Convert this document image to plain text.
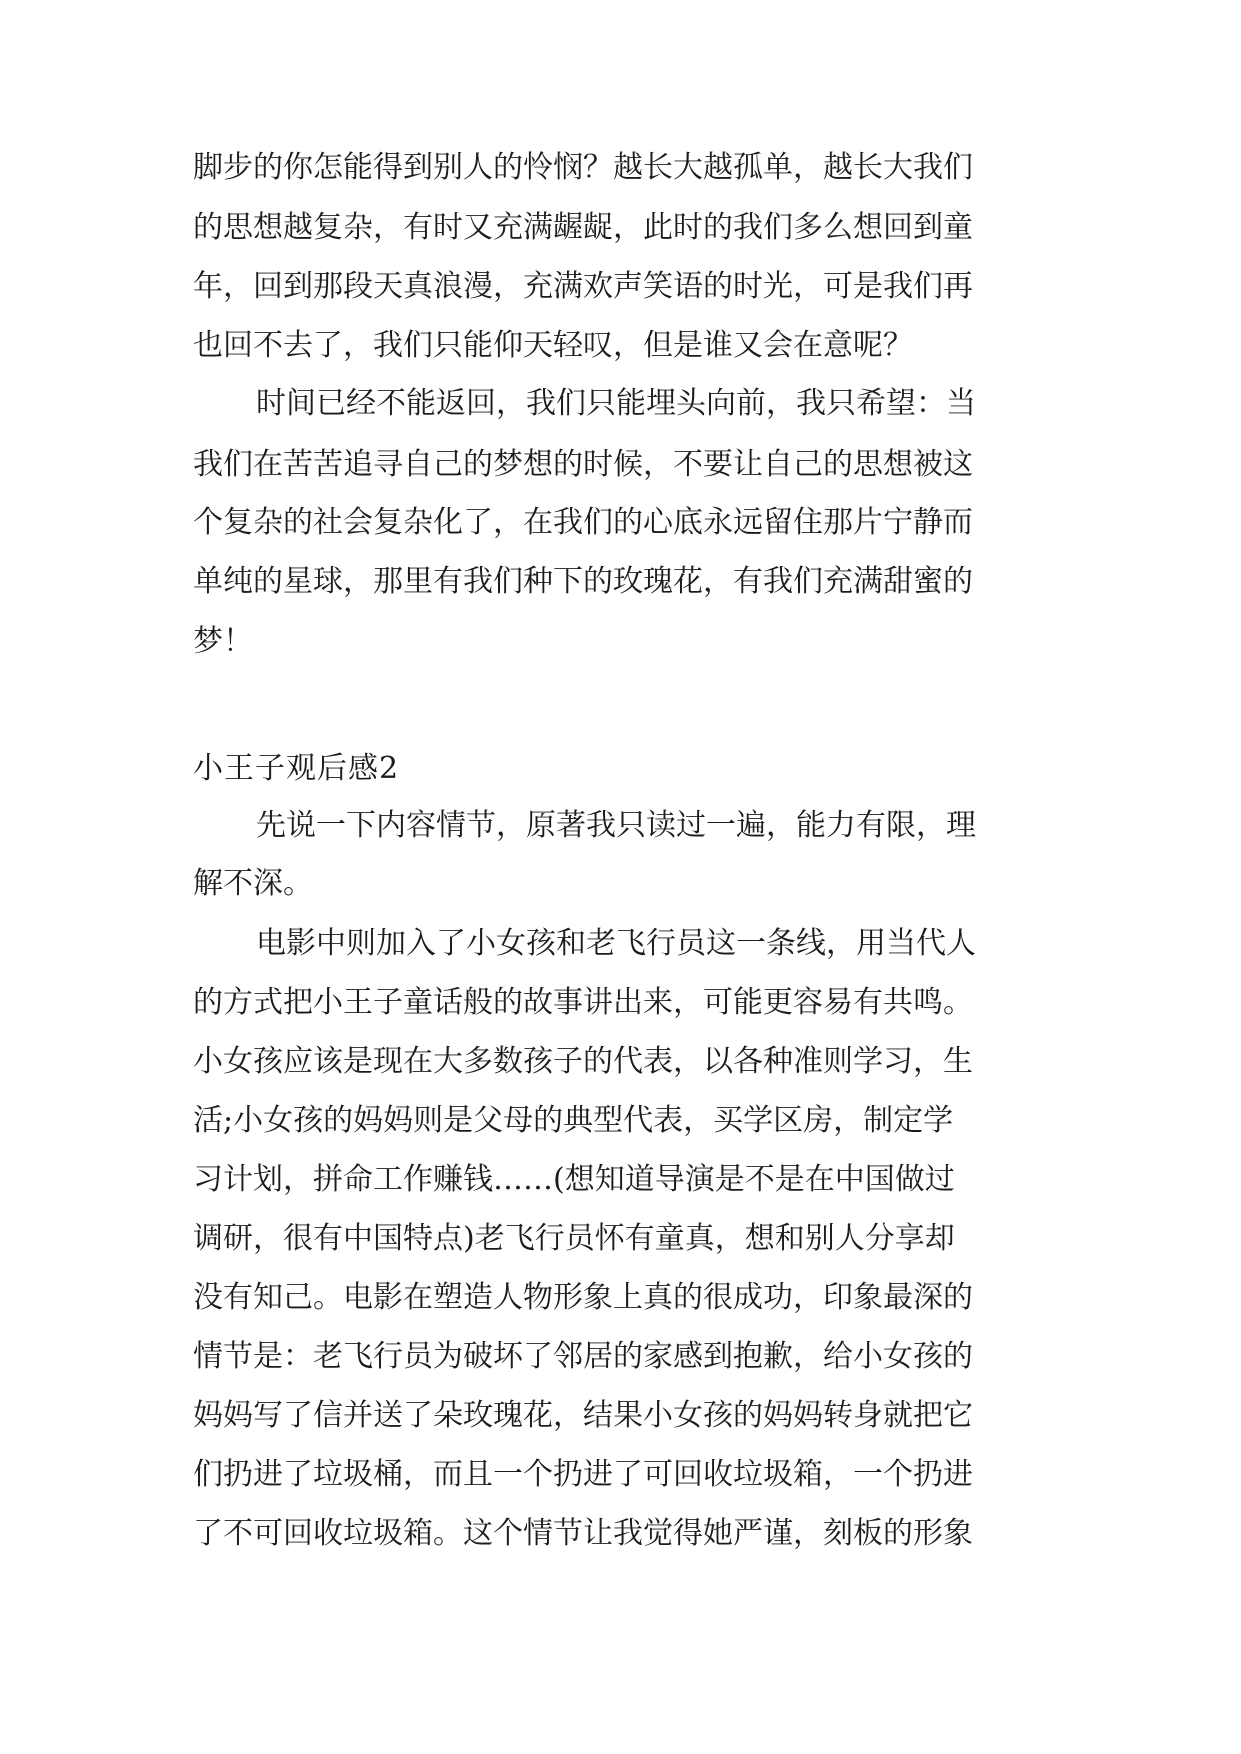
脚步的你怎能得到别人的怜悯？越长大越孤单，越长大我们
的思想越复杂，有时又充满龌龊，此时的我们多么想回到童
年，回到那段天真浪漫，充满欢声笑语的时光，可是我们再
也回不去了，我们只能仰天轻叹，但是谁又会在意呢？
时间已经不能返回，我们只能埋头向前，我只希望：当
我们在苦苦追寻自己的梦想的时候，不要让自己的思想被这
个复杂的社会复杂化了，在我们的心底永远留住那片宁静而
单纯的星球，那里有我们种下的玫瑰花，有我们充满甜蜜的
梦！
小王子观后感2
先说一下内容情节，原著我只读过一遍，能力有限，理
解不深。
电影中则加入了小女孩和老飞行员这一条线，用当代人
的方式把小王子童话般的故事讲出来，可能更容易有共鸣。
小女孩应该是现在大多数孩子的代表，以各种准则学习，生
活;小女孩的妈妈则是父母的典型代表，买学区房，制定学
习计划，拼命工作赚钱……(想知道导演是不是在中国做过
调研，很有中国特点)老飞行员怀有童真，想和别人分享却
没有知己。电影在塑造人物形象上真的很成功，印象最深的
情节是：老飞行员为破坏了邻居的家感到抱歉，给小女孩的
妈妈写了信并送了朵玫瑰花，结果小女孩的妈妈转身就把它
们扔进了垃圾桶，而且一个扔进了可回收垃圾箱，一个扔进
了不可回收垃圾箱。这个情节让我觉得她严谨，刻板的形象
